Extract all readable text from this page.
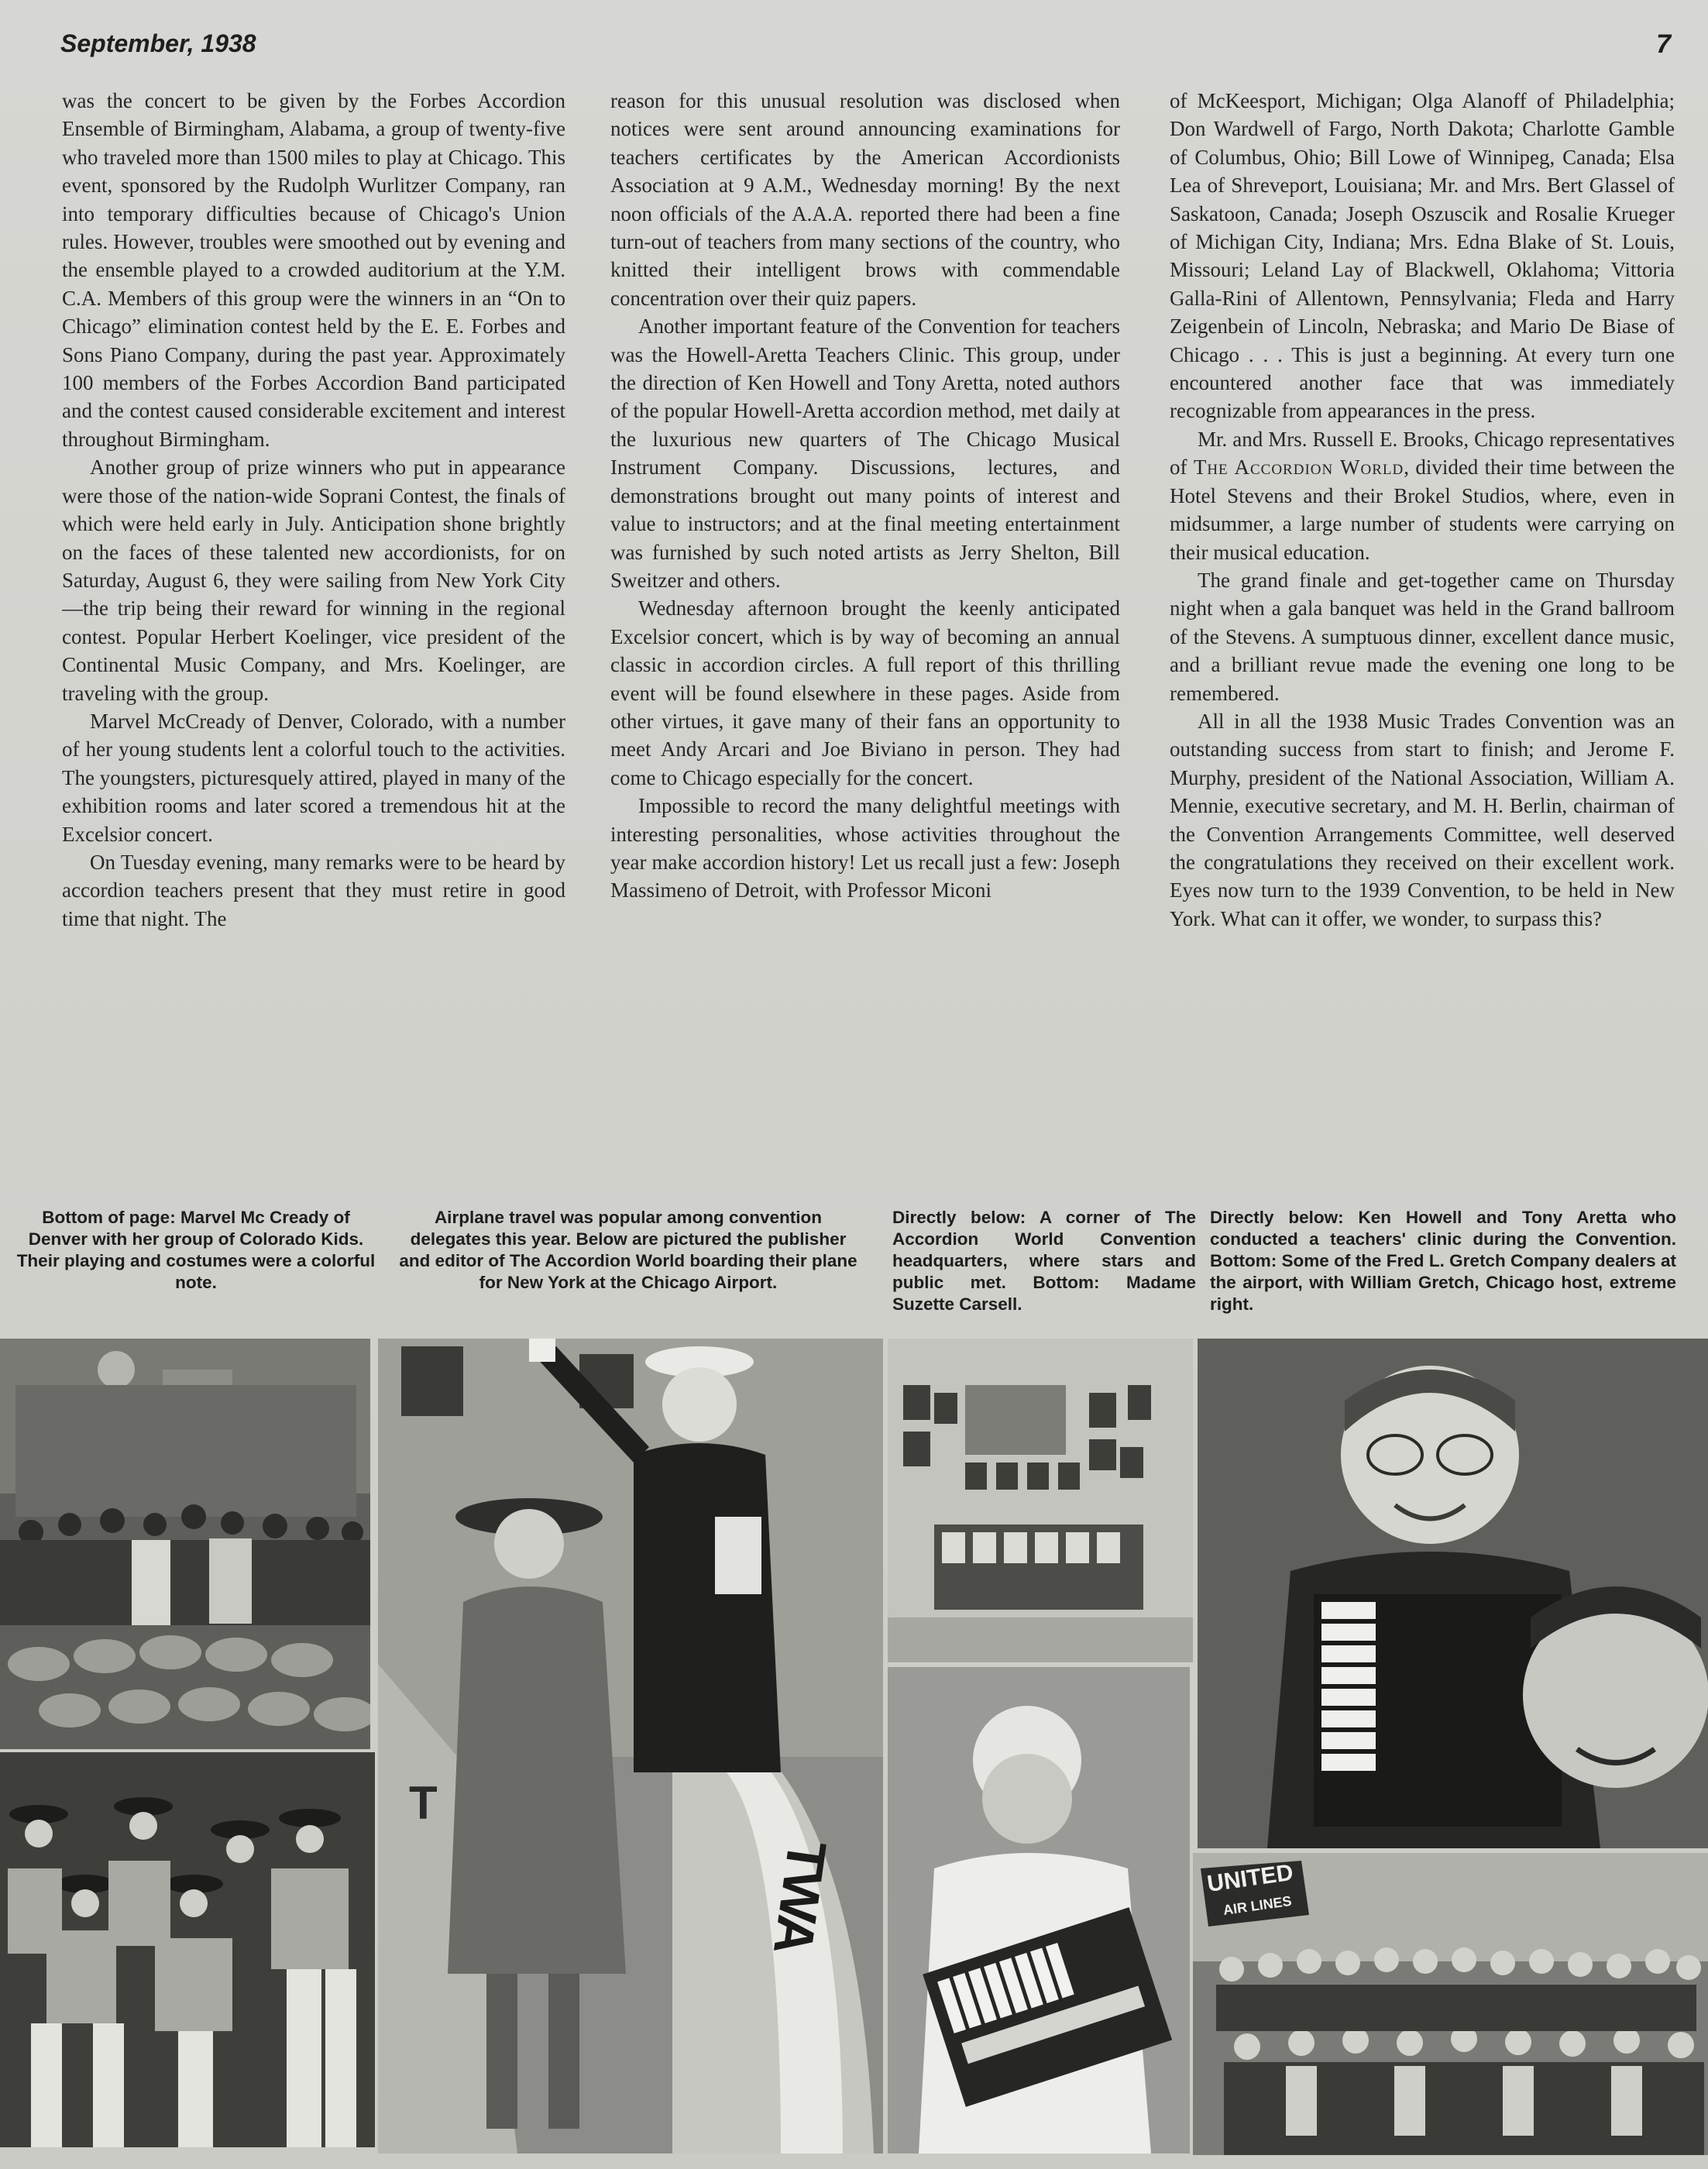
September, 1938	7

was the concert to be given by the Forbes Accordion Ensemble of Birmingham, Alabama, a group of twenty-five who traveled more than 1500 miles to play at Chicago. This event, sponsored by the Rudolph Wurlitzer Company, ran into temporary difficulties because of Chicago's Union rules. However, troubles were smoothed out by evening and the ensemble played to a crowded auditorium at the Y.M. C.A. Members of this group were the winners in an “On to Chicago” elimination contest held by the E. E. Forbes and Sons Piano Company, during the past year. Approximately 100 members of the Forbes Accordion Band participated and the contest caused considerable excitement and interest throughout Birmingham.

Another group of prize winners who put in appearance were those of the nation-wide Soprani Contest, the finals of which were held early in July. Anticipation shone brightly on the faces of these talented new accordionists, for on Saturday, August 6, they were sailing from New York City—the trip being their reward for winning in the regional contest. Popular Herbert Koelinger, vice president of the Continental Music Company, and Mrs. Koelinger, are traveling with the group.

Marvel McCready of Denver, Colorado, with a number of her young students lent a colorful touch to the activities. The youngsters, picturesquely attired, played in many of the exhibition rooms and later scored a tremendous hit at the Excelsior concert.

On Tuesday evening, many remarks were to be heard by accordion teachers present that they must retire in good time that night. The

reason for this unusual resolution was disclosed when notices were sent around announcing examinations for teachers certificates by the American Accordionists Association at 9 A.M., Wednesday morning! By the next noon officials of the A.A.A. reported there had been a fine turn-out of teachers from many sections of the country, who knitted their intelligent brows with commendable concentration over their quiz papers.

Another important feature of the Convention for teachers was the Howell-Aretta Teachers Clinic. This group, under the direction of Ken Howell and Tony Aretta, noted authors of the popular Howell-Aretta accordion method, met daily at the luxurious new quarters of The Chicago Musical Instrument Company. Discussions, lectures, and demonstrations brought out many points of interest and value to instructors; and at the final meeting entertainment was furnished by such noted artists as Jerry Shelton, Bill Sweitzer and others.

Wednesday afternoon brought the keenly anticipated Excelsior concert, which is by way of becoming an annual classic in accordion circles. A full report of this thrilling event will be found elsewhere in these pages. Aside from other virtues, it gave many of their fans an opportunity to meet Andy Arcari and Joe Biviano in person. They had come to Chicago especially for the concert.

Impossible to record the many delightful meetings with interesting personalities, whose activities throughout the year make accordion history! Let us recall just a few: Joseph Massimeno of Detroit, with Professor Miconi

of McKeesport, Michigan; Olga Alanoff of Philadelphia; Don Wardwell of Fargo, North Dakota; Charlotte Gamble of Columbus, Ohio; Bill Lowe of Winnipeg, Canada; Elsa Lea of Shreveport, Louisiana; Mr. and Mrs. Bert Glassel of Saskatoon, Canada; Joseph Oszuscik and Rosalie Krueger of Michigan City, Indiana; Mrs. Edna Blake of St. Louis, Missouri; Leland Lay of Blackwell, Oklahoma; Vittoria Galla-Rini of Allentown, Pennsylvania; Fleda and Harry Zeigenbein of Lincoln, Nebraska; and Mario De Biase of Chicago . . . This is just a beginning. At every turn one encountered another face that was immediately recognizable from appearances in the press.

Mr. and Mrs. Russell E. Brooks, Chicago representatives of The Accordion World, divided their time between the Hotel Stevens and their Brokel Studios, where, even in midsummer, a large number of students were carrying on their musical education.

The grand finale and get-together came on Thursday night when a gala banquet was held in the Grand ballroom of the Stevens. A sumptuous dinner, excellent dance music, and a brilliant revue made the evening one long to be remembered.

All in all the 1938 Music Trades Convention was an outstanding success from start to finish; and Jerome F. Murphy, president of the National Association, William A. Mennie, executive secretary, and M. H. Berlin, chairman of the Convention Arrangements Committee, well deserved the congratulations they received on their excellent work. Eyes now turn to the 1939 Convention, to be held in New York. What can it offer, we wonder, to surpass this?

Bottom of page: Marvel Mc Cready of Denver with her group of Colorado Kids. Their playing and costumes were a colorful note.
Airplane travel was popular among convention delegates this year. Below are pictured the publisher and editor of The Accordion World boarding their plane for New York at the Chicago Airport.
Directly below: A corner of The Accordion World Convention headquarters, where stars and public met. Bottom: Madame Suzette Carsell.
Directly below: Ken Howell and Tony Aretta who conducted a teachers' clinic during the Convention. Bottom: Some of the Fred L. Gretch Company dealers at the airport, with William Gretch, Chicago host, extreme right.
TWA
T
UNITED
AIR LINES
